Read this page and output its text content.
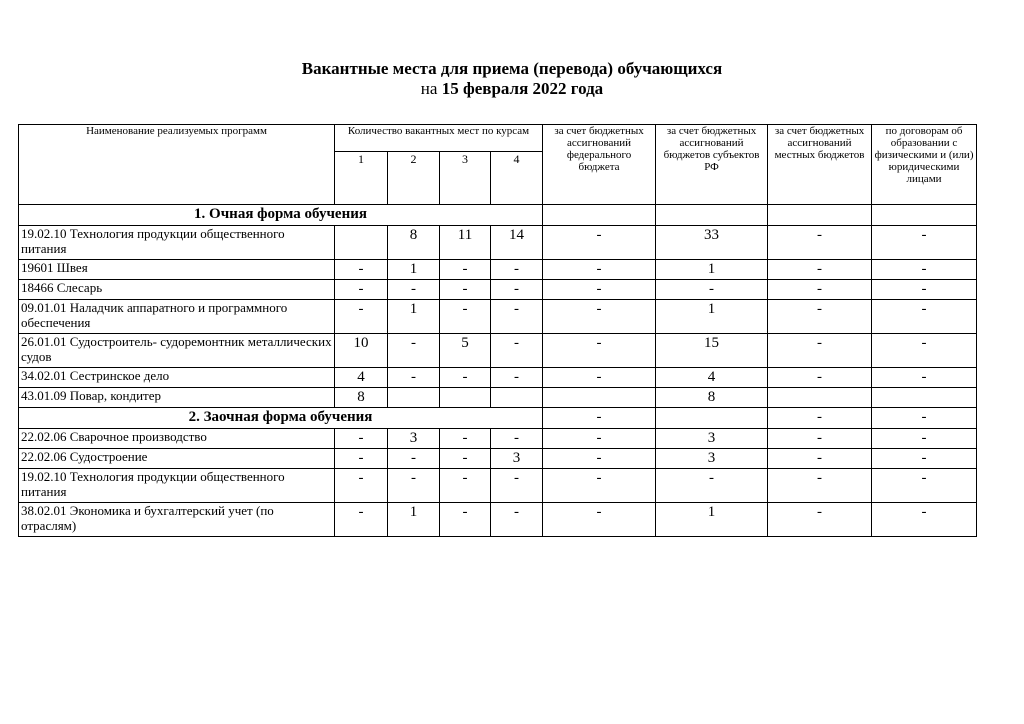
Вакантные места для приема (перевода) обучающихся
на 15 февраля 2022 года
Наименование реализуемых программ	Количество вакантных мест по курсам				за счет бюджетных ассигнований федерального бюджета	за счет бюджетных ассигнований бюджетов субъектов РФ	за счет бюджетных ассигнований местных бюджетов	по договорам об образовании с физическими и (или) юридическими лицами
	1	2	3	4				
1. Очная форма обучения								
19.02.10 Технология продукции общественного питания		8	11	14	-	33	-	-
19601 Швея	-	1	-	-	-	1	-	-
18466 Слесарь	-	-	-	-	-	-	-	-
09.01.01 Наладчик аппаратного и программного обеспечения	-	1	-	-	-	1	-	-
26.01.01 Судостроитель- судоремонтник металлических судов	10	-	5	-	-	15	-	-
34.02.01 Сестринское дело	4	-	-	-	-	4	-	-
43.01.09 Повар, кондитер	8					8		
2. Заочная форма обучения					-		-	-
22.02.06 Сварочное производство	-	3	-	-	-	3	-	-
22.02.06 Судостроение	-	-	-	3	-	3	-	-
19.02.10 Технология продукции общественного питания	-	-	-	-	-	-	-	-
38.02.01 Экономика и бухгалтерский учет (по отраслям)	-	1	-	-	-	1	-	-
